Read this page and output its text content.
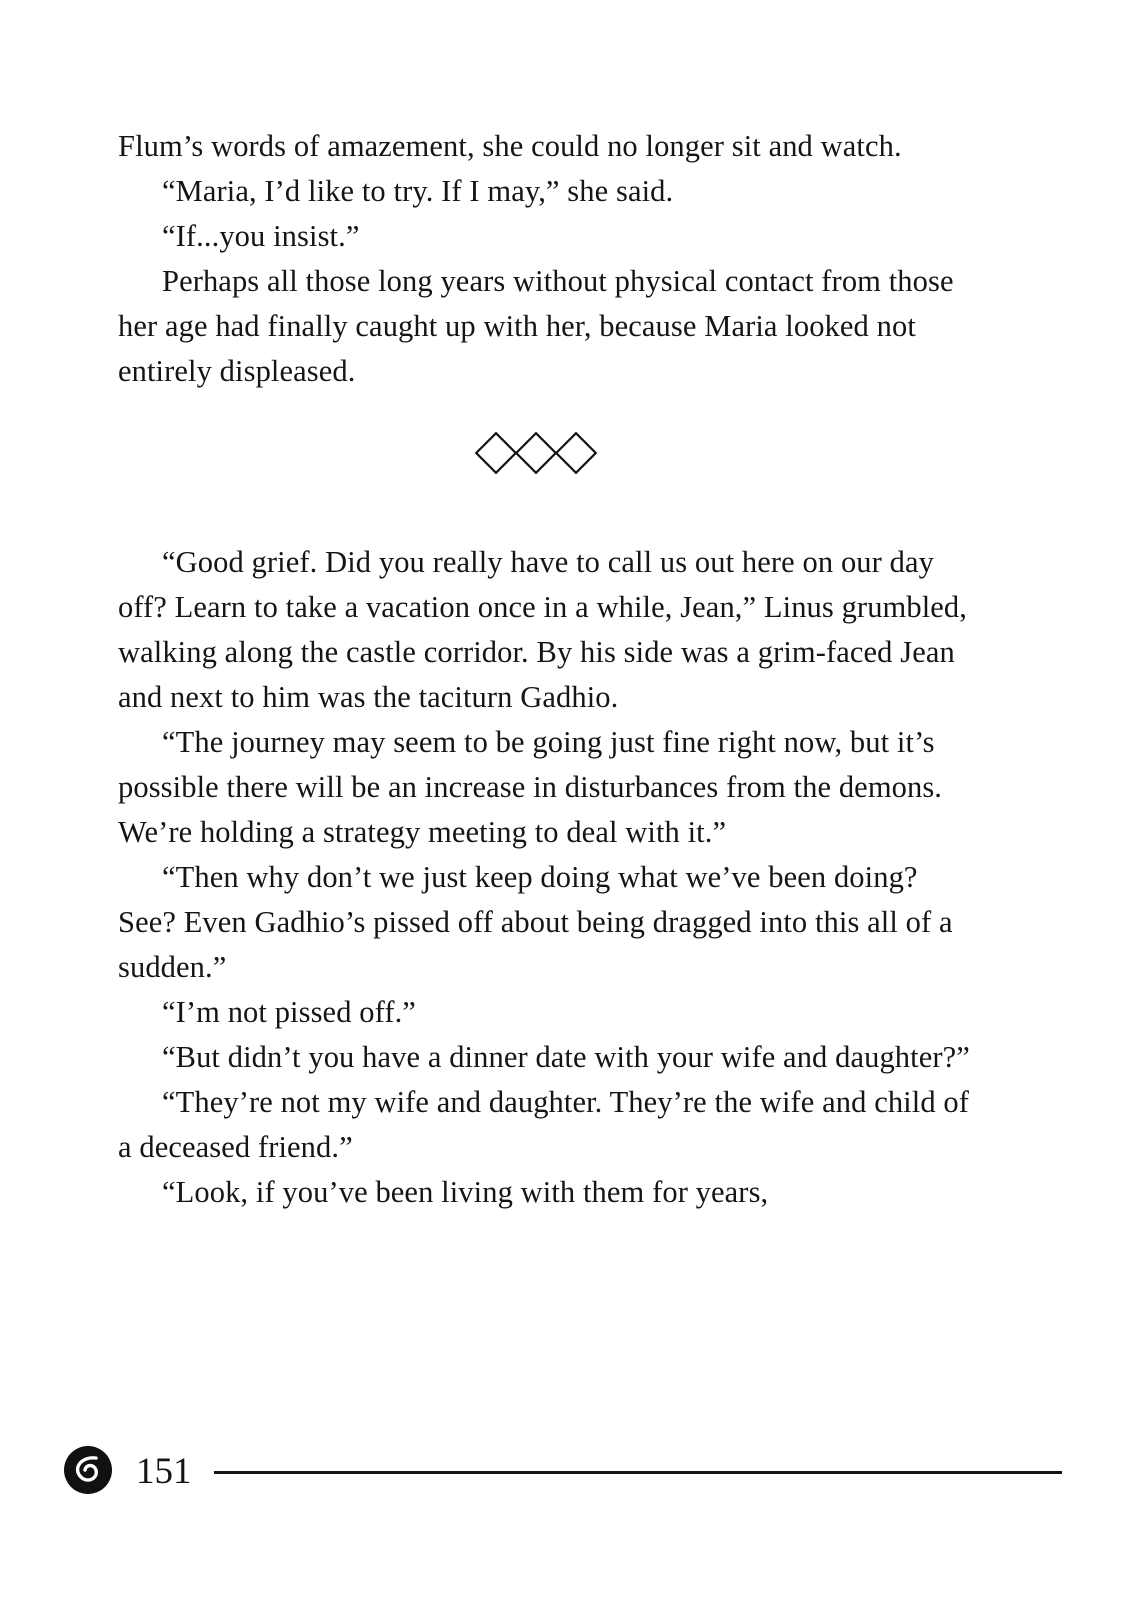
Flum’s words of amazement, she could no longer sit and watch.

“Maria, I’d like to try. If I may,” she said.

“If...you insist.”

Perhaps all those long years without physical contact from those her age had finally caught up with her, because Maria looked not entirely displeased.

“Good grief. Did you really have to call us out here on our day off? Learn to take a vacation once in a while, Jean,” Linus grumbled, walking along the castle corridor. By his side was a grim-faced Jean and next to him was the taciturn Gadhio.

“The journey may seem to be going just fine right now, but it’s possible there will be an increase in disturbances from the demons. We’re holding a strategy meeting to deal with it.”

“Then why don’t we just keep doing what we’ve been doing? See? Even Gadhio’s pissed off about being dragged into this all of a sudden.”

“I’m not pissed off.”

“But didn’t you have a dinner date with your wife and daughter?”

“They’re not my wife and daughter. They’re the wife and child of a deceased friend.”

“Look, if you’ve been living with them for years,

151
